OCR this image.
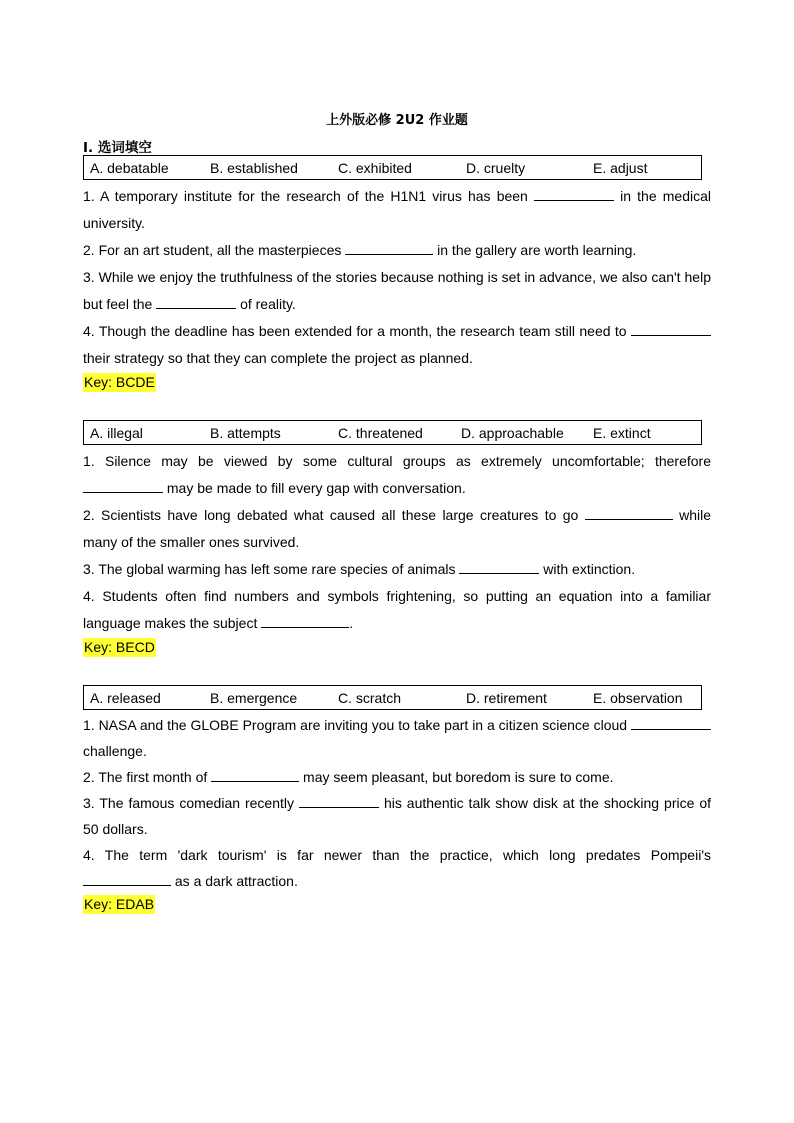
上外版必修 2U2 作业题
I. 选词填空
A. debatable	B. established	C. exhibited	D. cruelty	E. adjust

1. A temporary institute for the research of the H1N1 virus has been	in the medical university.

2. For an art student, all the masterpieces	in the gallery are worth learning.

3. While we enjoy the truthfulness of the stories because nothing is set in advance, we also can't help but feel the	of reality.

4. Though the deadline has been extended for a month, the research team still need to  their strategy so that they can complete the project as planned.

Key: BCDE
A. illegal	B. attempts	C. threatened	D. approachable E. extinct

1. Silence may be viewed by some cultural groups as extremely uncomfortable; therefore  may be made to fill every gap with conversation.

2. Scientists have long debated what caused all these large creatures to go	while many of the smaller ones survived.

3. The global warming has left some rare species of animals	with extinction.

4. Students often find numbers and symbols frightening, so putting an equation into a familiar language makes the subject	.

Key: BECD
A. released	B. emergence	C. scratch	D. retirement	E. observation

1. NASA and the GLOBE Program are inviting you to take part in a citizen science cloud  challenge.

2. The first month of	may seem pleasant, but boredom is sure to come.

3. The famous comedian recently	his authentic talk show disk at the shocking price of 50 dollars.

4. The term 'dark tourism' is far newer than the practice, which long predates Pompeii's  as a dark attraction.

Key: EDAB
